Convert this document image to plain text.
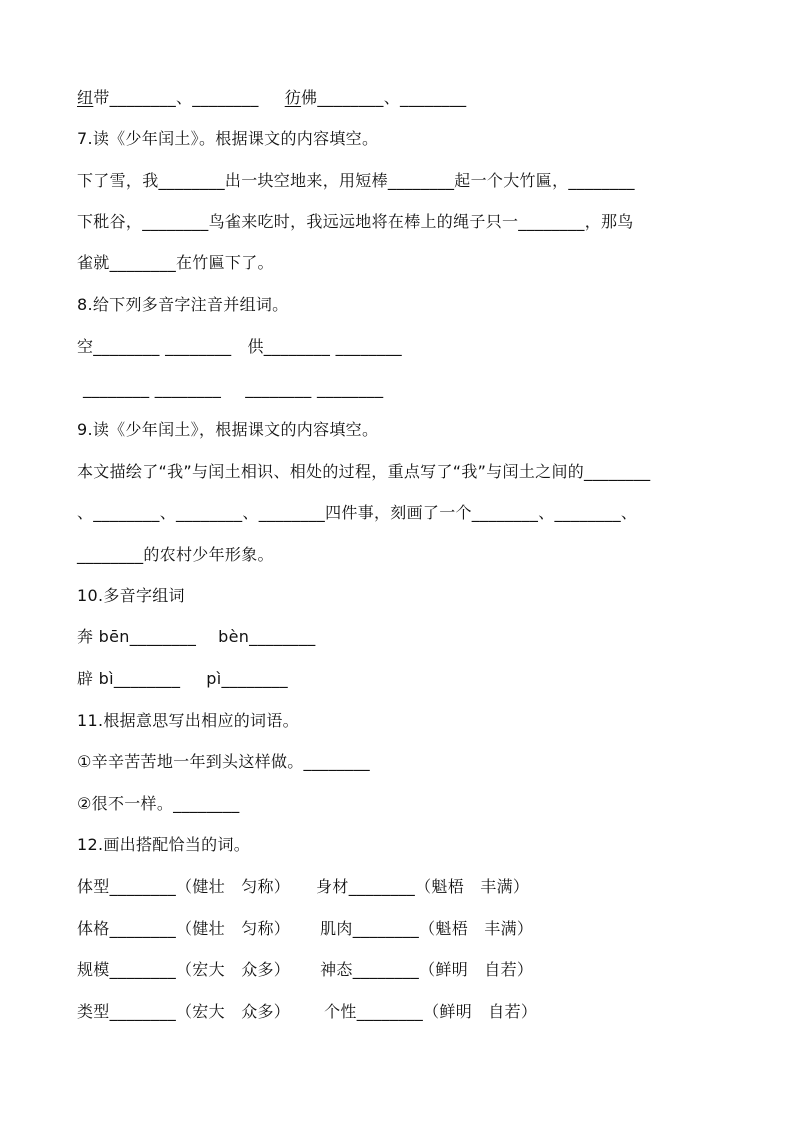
纽带________、________ 彷佛________、________
7.读《少年闰土》。根据课文的内容填空。
下了雪，我________出一块空地来，用短棒________起一个大竹匾，________
下秕谷，________鸟雀来吃时，我远远地将在棒上的绳子只一________，那鸟
雀就________在竹匾下了。
8.给下列多音字注音并组词。
空________ ________ 供________ ________
________ ________ ________ ________
9.读《少年闰土》，根据课文的内容填空。
本文描绘了“我”与闰土相识、相处的过程，重点写了“我”与闰土之间的________
、________、________、________四件事，刻画了一个________、________、
________的农村少年形象。
10.多音字组词
奔 bēn________ bèn________
辟 bì________ pì________
11.根据意思写出相应的词语。
①辛辛苦苦地一年到头这样做。________
②很不一样。________
12.画出搭配恰当的词。
体型________（健壮　匀称） 身材________（魁梧　丰满）
体格________（健壮　匀称） 肌肉________（魁梧　丰满）
规模________（宏大　众多） 神态________（鲜明　自若）
类型________（宏大　众多） 个性________（鲜明　自若）
